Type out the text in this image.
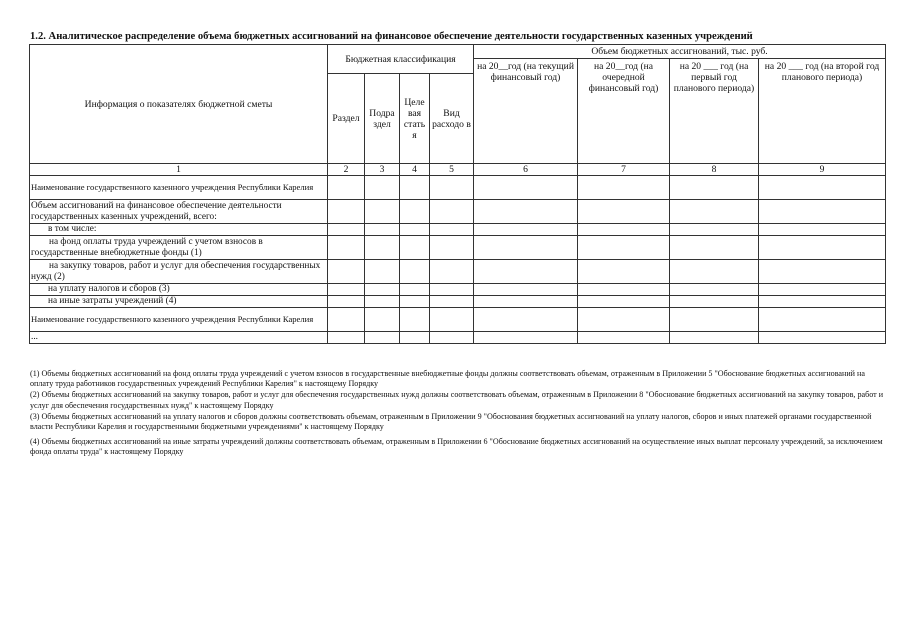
1.2. Аналитическое распределение объема бюджетных ассигнований на финансовое обеспечение деятельности государственных казенных учреждений
Информация о показателях бюджетной сметы	Бюджетная классификация				Объем бюджетных ассигнований, тыс. руб.			
					на 20__год (на текущий финансовый год)	на 20__год (на очередной финансовый год)	на 20 ___ год (на первый год планового периода)	на 20 ___ год (на второй год планового периода)
	Раздел	Подра здел	Целе вая стать я	Вид расходо в				

1	2	3	4	5	6	7	8	9
Наименование государственного казенного учреждения Республики Карелия								
Объем ассигнований на финансовое обеспечение деятельности государственных казенных учреждений, всего:								
в том числе:								
на фонд оплаты труда учреждений с учетом взносов в государственные внебюджетные фонды (1)								
на закупку товаров, работ и услуг для обеспечения государственных нужд (2)								
на уплату налогов и сборов (3)								
на иные затраты учреждений (4)								
Наименование государственного казенного учреждения Республики Карелия								
...								

(1) Объемы бюджетных ассигнований на фонд оплаты труда учреждений с учетом взносов в государственные внебюджетные фонды должны соответствовать объемам, отраженным в Приложении 5 "Обоснование бюджетных ассигнований на оплату труда работников государственных учреждений Республики Карелия" к настоящему Порядку

(2) Объемы бюджетных ассигнований на закупку товаров, работ и услуг для обеспечения государственных нужд должны соответствовать объемам, отраженным в Приложении 8 "Обоснование бюджетных ассигнований на закупку товаров, работ и услуг для обеспечения государственных нужд" к настоящему Порядку

(3) Объемы бюджетных ассигнований на уплату налогов и сборов должны соответствовать объемам, отраженным в Приложении 9 "Обоснования бюджетных ассигнований на уплату налогов, сборов и иных платежей органами государственной власти Республики Карелия и государственными бюджетными учреждениями" к настоящему Порядку

(4) Объемы бюджетных ассигнований на иные затраты учреждений должны соответствовать объемам, отраженным в Приложении 6 "Обоснование бюджетных ассигнований на осуществление иных выплат персоналу учреждений, за исключением фонда оплаты труда" к настоящему Порядку
